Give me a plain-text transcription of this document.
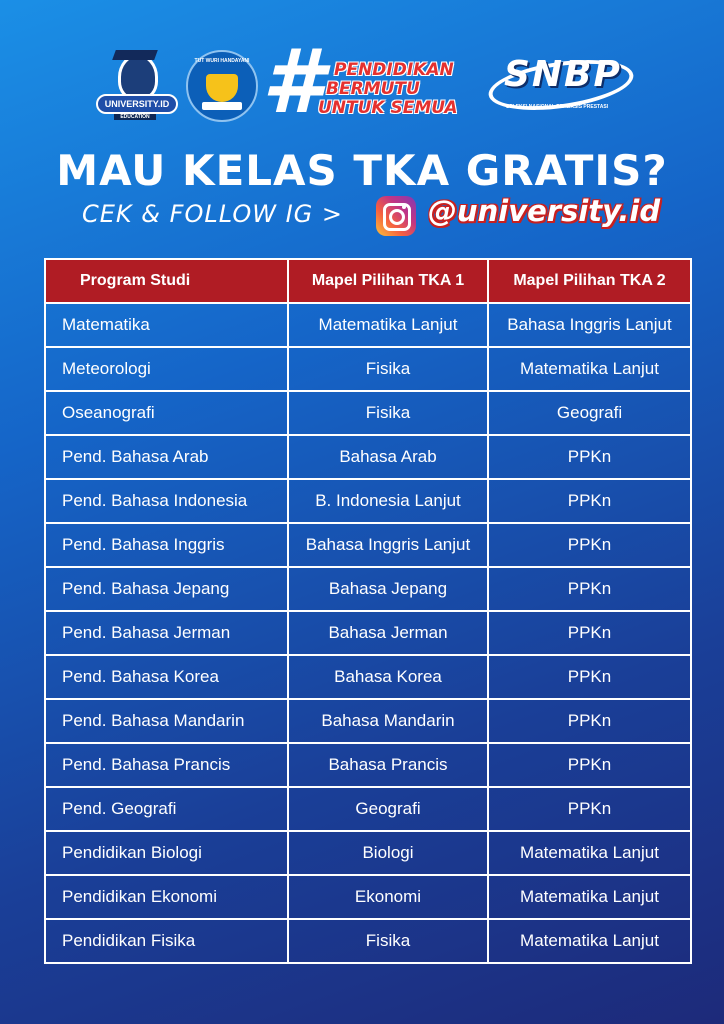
UNIVERSITY.ID
EDUCATION
TUT WURI HANDAYANI # PENDIDIKAN
BERMUTU
UNTUK SEMUA
SNBP
SELEKSI NASIONAL BERBASIS PRESTASI
MAU KELAS TKA GRATIS?
CEK & FOLLOW IG >	@university.id
Program Studi	Mapel Pilihan TKA 1	Mapel Pilihan TKA 2
Matematika	Matematika Lanjut	Bahasa Inggris Lanjut
Meteorologi	Fisika	Matematika Lanjut
Oseanografi	Fisika	Geografi
Pend. Bahasa Arab	Bahasa Arab	PPKn
Pend. Bahasa Indonesia	B. Indonesia Lanjut	PPKn
Pend. Bahasa Inggris	Bahasa Inggris Lanjut	PPKn
Pend. Bahasa Jepang	Bahasa Jepang	PPKn
Pend. Bahasa Jerman	Bahasa Jerman	PPKn
Pend. Bahasa Korea	Bahasa Korea	PPKn
Pend. Bahasa Mandarin	Bahasa Mandarin	PPKn
Pend. Bahasa Prancis	Bahasa Prancis	PPKn
Pend. Geografi	Geografi	PPKn
Pendidikan Biologi	Biologi	Matematika Lanjut
Pendidikan Ekonomi	Ekonomi	Matematika Lanjut
Pendidikan Fisika	Fisika	Matematika Lanjut
